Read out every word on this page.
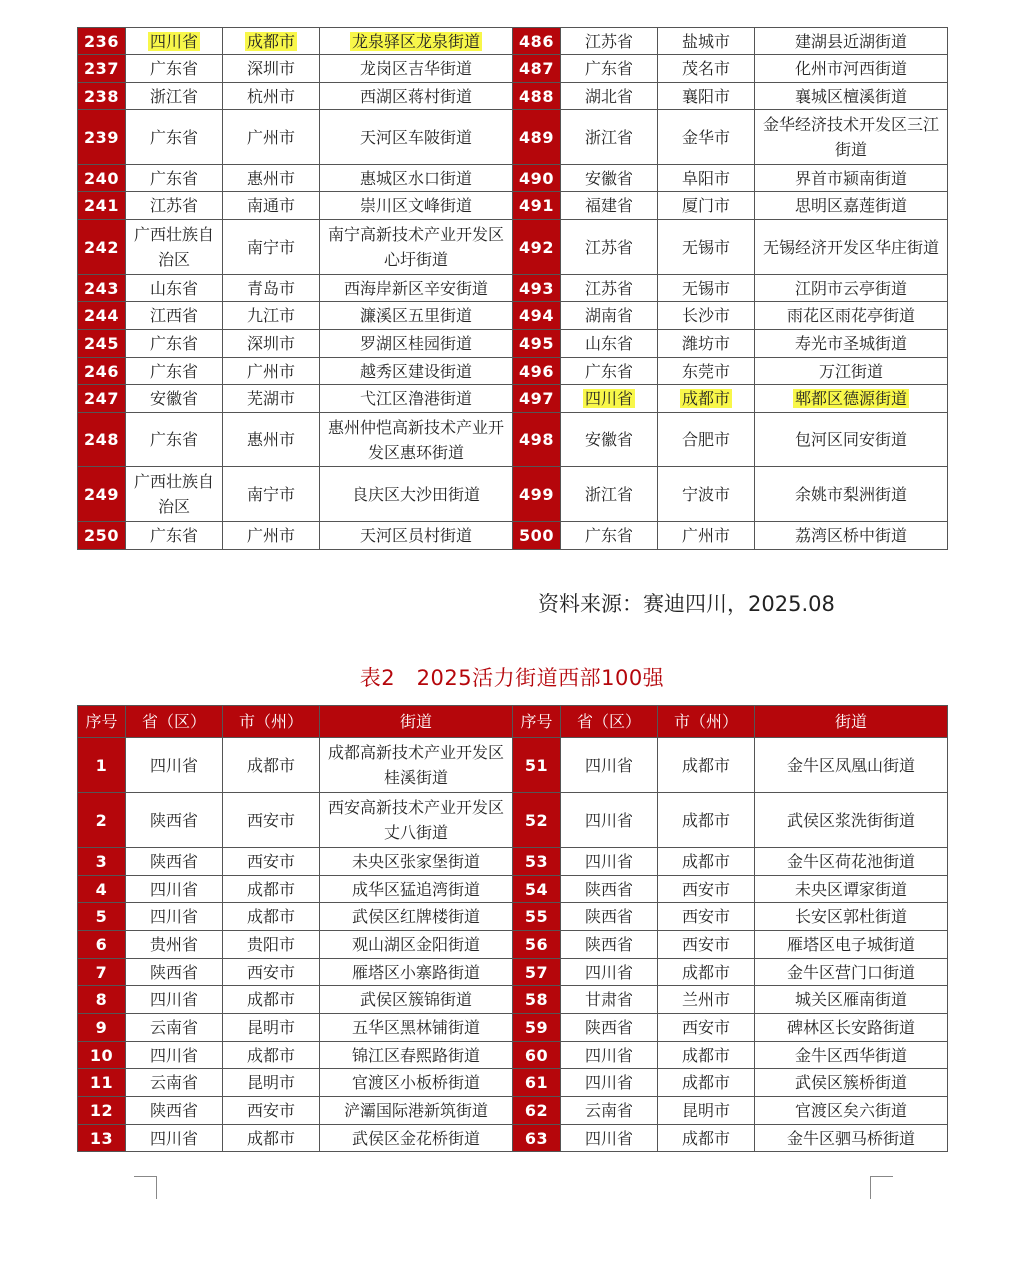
236	四川省	成都市	龙泉驿区龙泉街道	486	江苏省	盐城市	建湖县近湖街道
237	广东省	深圳市	龙岗区吉华街道	487	广东省	茂名市	化州市河西街道
238	浙江省	杭州市	西湖区蒋村街道	488	湖北省	襄阳市	襄城区檀溪街道
239	广东省	广州市	天河区车陂街道	489	浙江省	金华市	金华经济技术开发区三江街道
240	广东省	惠州市	惠城区水口街道	490	安徽省	阜阳市	界首市颍南街道
241	江苏省	南通市	崇川区文峰街道	491	福建省	厦门市	思明区嘉莲街道
242	广西壮族自治区	南宁市	南宁高新技术产业开发区心圩街道	492	江苏省	无锡市	无锡经济开发区华庄街道
243	山东省	青岛市	西海岸新区辛安街道	493	江苏省	无锡市	江阴市云亭街道
244	江西省	九江市	濂溪区五里街道	494	湖南省	长沙市	雨花区雨花亭街道
245	广东省	深圳市	罗湖区桂园街道	495	山东省	潍坊市	寿光市圣城街道
246	广东省	广州市	越秀区建设街道	496	广东省	东莞市	万江街道
247	安徽省	芜湖市	弋江区澛港街道	497	四川省	成都市	郫都区德源街道
248	广东省	惠州市	惠州仲恺高新技术产业开发区惠环街道	498	安徽省	合肥市	包河区同安街道
249	广西壮族自治区	南宁市	良庆区大沙田街道	499	浙江省	宁波市	余姚市梨洲街道
250	广东省	广州市	天河区员村街道	500	广东省	广州市	荔湾区桥中街道
资料来源：赛迪四川，2025.08
表2　2025活力街道西部100强
序号	省（区）	市（州）	街道	序号	省（区）	市（州）	街道
1	四川省	成都市	成都高新技术产业开发区桂溪街道	51	四川省	成都市	金牛区凤凰山街道
2	陕西省	西安市	西安高新技术产业开发区丈八街道	52	四川省	成都市	武侯区浆洗街街道
3	陕西省	西安市	未央区张家堡街道	53	四川省	成都市	金牛区荷花池街道
4	四川省	成都市	成华区猛追湾街道	54	陕西省	西安市	未央区谭家街道
5	四川省	成都市	武侯区红牌楼街道	55	陕西省	西安市	长安区郭杜街道
6	贵州省	贵阳市	观山湖区金阳街道	56	陕西省	西安市	雁塔区电子城街道
7	陕西省	西安市	雁塔区小寨路街道	57	四川省	成都市	金牛区营门口街道
8	四川省	成都市	武侯区簇锦街道	58	甘肃省	兰州市	城关区雁南街道
9	云南省	昆明市	五华区黑林铺街道	59	陕西省	西安市	碑林区长安路街道
10	四川省	成都市	锦江区春熙路街道	60	四川省	成都市	金牛区西华街道
11	云南省	昆明市	官渡区小板桥街道	61	四川省	成都市	武侯区簇桥街道
12	陕西省	西安市	浐灞国际港新筑街道	62	云南省	昆明市	官渡区矣六街道
13	四川省	成都市	武侯区金花桥街道	63	四川省	成都市	金牛区驷马桥街道
